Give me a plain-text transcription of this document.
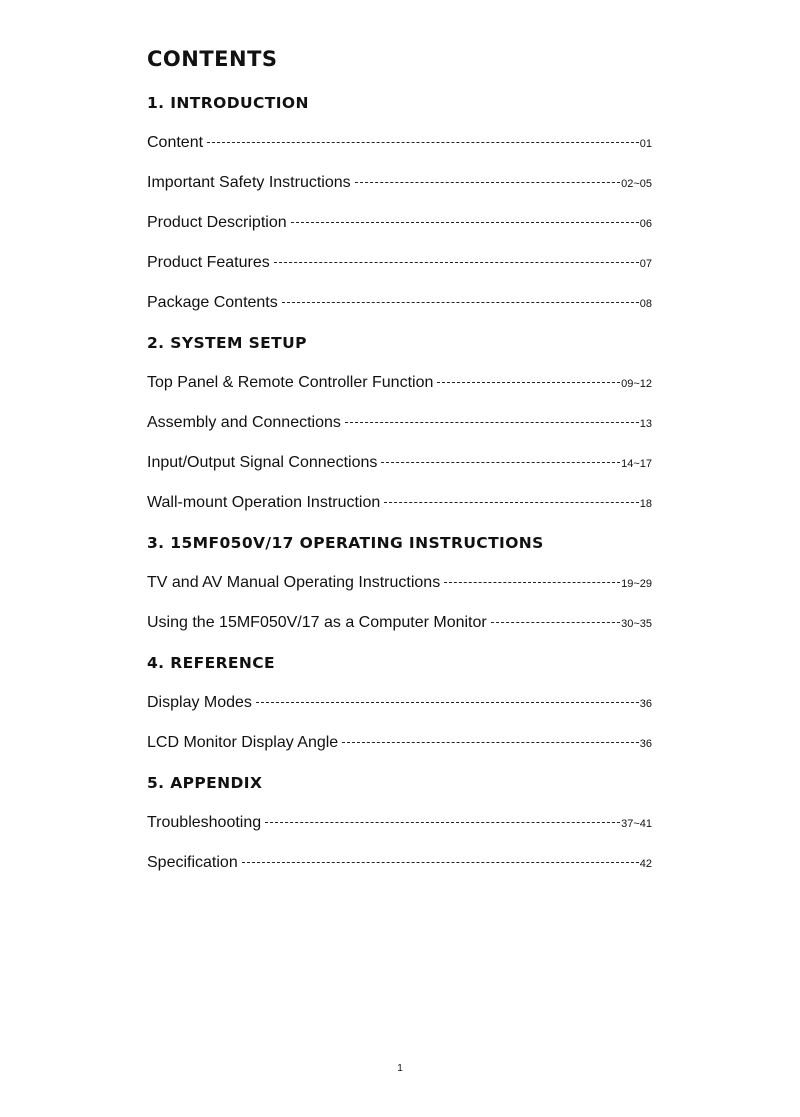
CONTENTS
1. INTRODUCTION
Content	01
Important Safety Instructions	02~05
Product Description	06
Product Features	07
Package Contents	08
2. SYSTEM SETUP
Top Panel & Remote Controller Function	09~12
Assembly and Connections	13
Input/Output Signal Connections	14~17
Wall-mount Operation Instruction	18
3. 15MF050V/17 OPERATING INSTRUCTIONS
TV and AV Manual Operating Instructions	19~29
Using the 15MF050V/17 as a Computer Monitor	30~35
4. REFERENCE
Display Modes	36
LCD Monitor Display Angle	36
5. APPENDIX
Troubleshooting	37~41
Specification	42
1
